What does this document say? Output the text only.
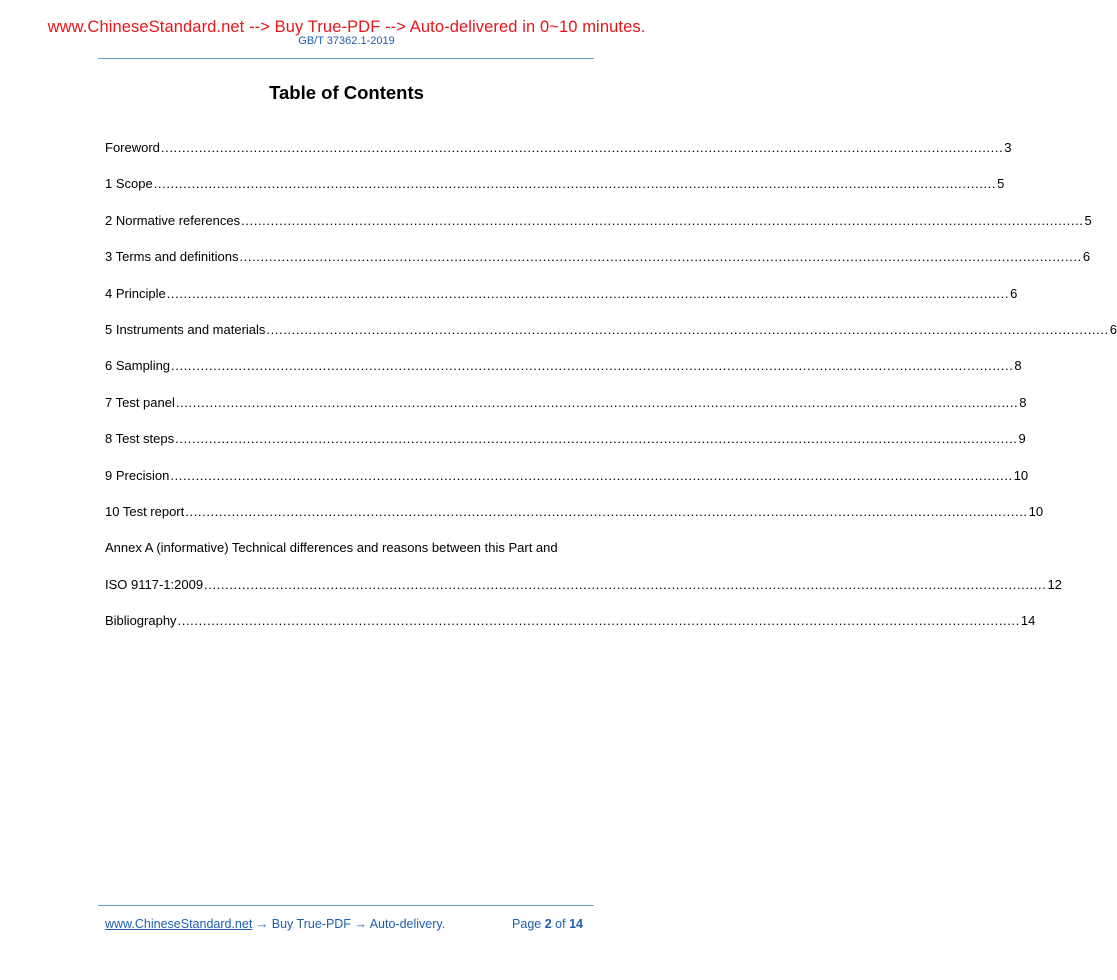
www.ChineseStandard.net --> Buy True-PDF --> Auto-delivered in 0~10 minutes.
GB/T 37362.1-2019
Table of Contents
Foreword ........................................................................................................................................................................................................ 3
1 Scope ........................................................................................................................................................................................................ 5
2 Normative references ........................................................................................................................................................................................................ 5
3 Terms and definitions ........................................................................................................................................................................................................ 6
4 Principle ........................................................................................................................................................................................................ 6
5 Instruments and materials ........................................................................................................................................................................................................ 6
6 Sampling ........................................................................................................................................................................................................ 8
7 Test panel ........................................................................................................................................................................................................ 8
8 Test steps ........................................................................................................................................................................................................ 9
9 Precision ........................................................................................................................................................................................................ 10
10 Test report ........................................................................................................................................................................................................ 10
Annex A (informative) Technical differences and reasons between this Part and
ISO 9117-1:2009 ........................................................................................................................................................................................................ 12
Bibliography ........................................................................................................................................................................................................ 14
www.ChineseStandard.net → Buy True-PDF → Auto-delivery.	Page 2 of 14
